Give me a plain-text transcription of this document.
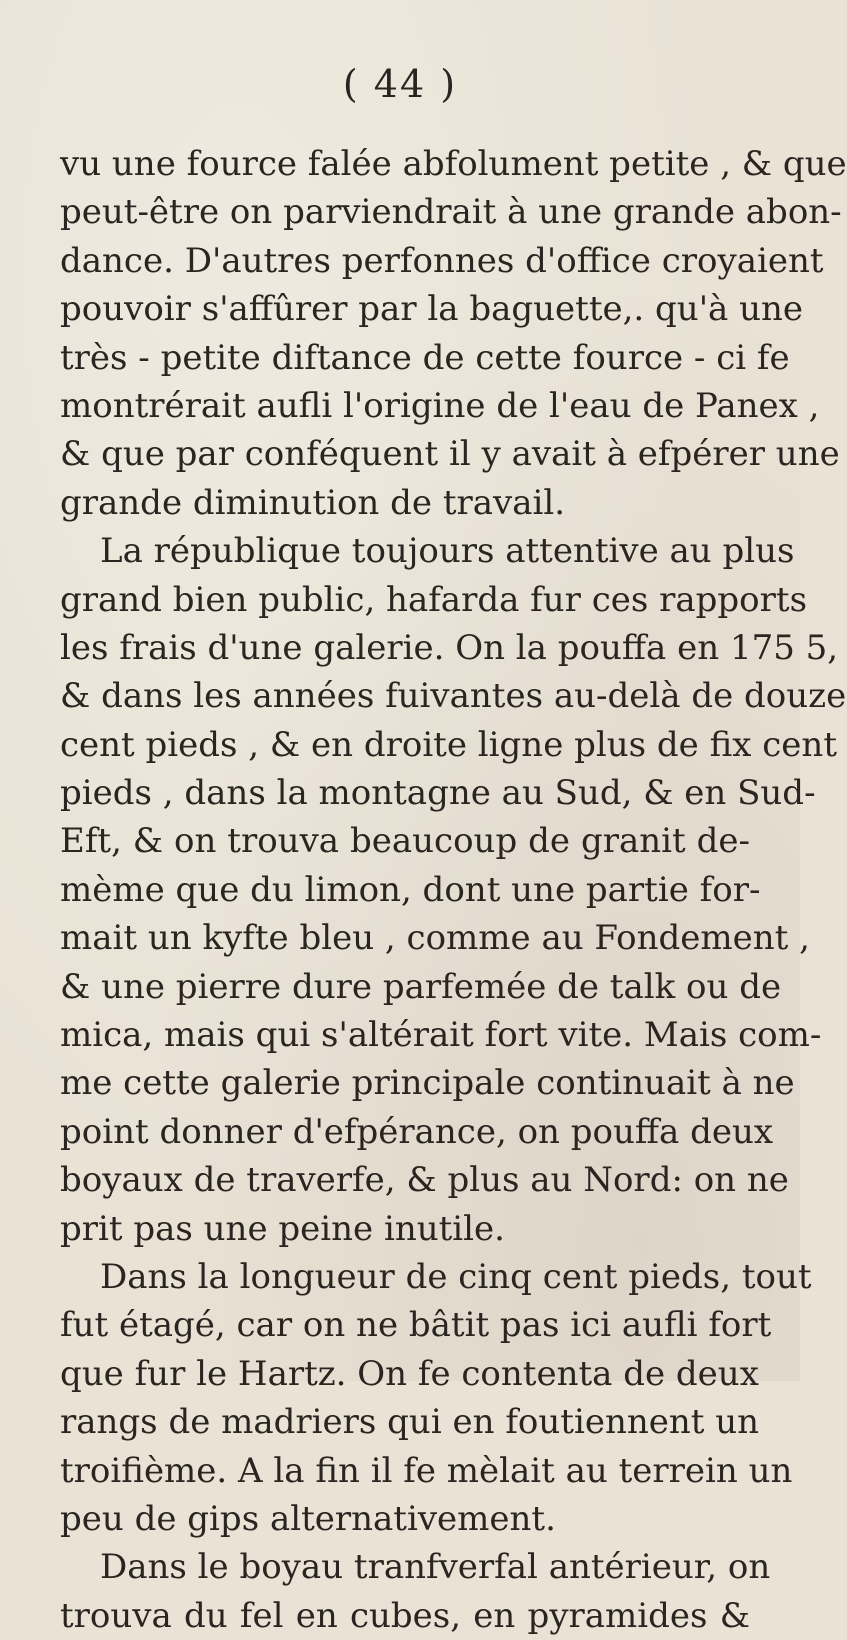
( 44 )
vu une fource falée abfolument petite , & que
peut-être on parviendrait à une grande abon-
dance. D'autres perfonnes d'office croyaient
pouvoir s'affûrer par la baguette,. qu'à une
très - petite diftance de cette fource - ci fe
montrérait aufli l'origine de l'eau de Panex ,
& que par conféquent il y avait à efpérer une
grande diminution de travail.
La république toujours attentive au plus
grand bien public, hafarda fur ces rapports
les frais d'une galerie. On la pouffa en 175 5,
& dans les années fuivantes au-delà de douze
cent pieds , & en droite ligne plus de fix cent
pieds , dans la montagne au Sud, & en Sud-
Eft, & on trouva beaucoup de granit de-
mème que du limon, dont une partie for-
mait un kyfte bleu , comme au Fondement ,
& une pierre dure parfemée de talk ou de
mica, mais qui s'altérait fort vite. Mais com-
me cette galerie principale continuait à ne
point donner d'efpérance, on pouffa deux
boyaux de traverfe, & plus au Nord: on ne
prit pas une peine inutile.
Dans la longueur de cinq cent pieds, tout
fut étagé, car on ne bâtit pas ici aufli fort
que fur le Hartz. On fe contenta de deux
rangs de madriers qui en foutiennent un
troifième. A la fin il fe mèlait au terrein un
peu de gips alternativement.
Dans le boyau tranfverfal antérieur, on
trouva du fel en cubes, en pyramides &
